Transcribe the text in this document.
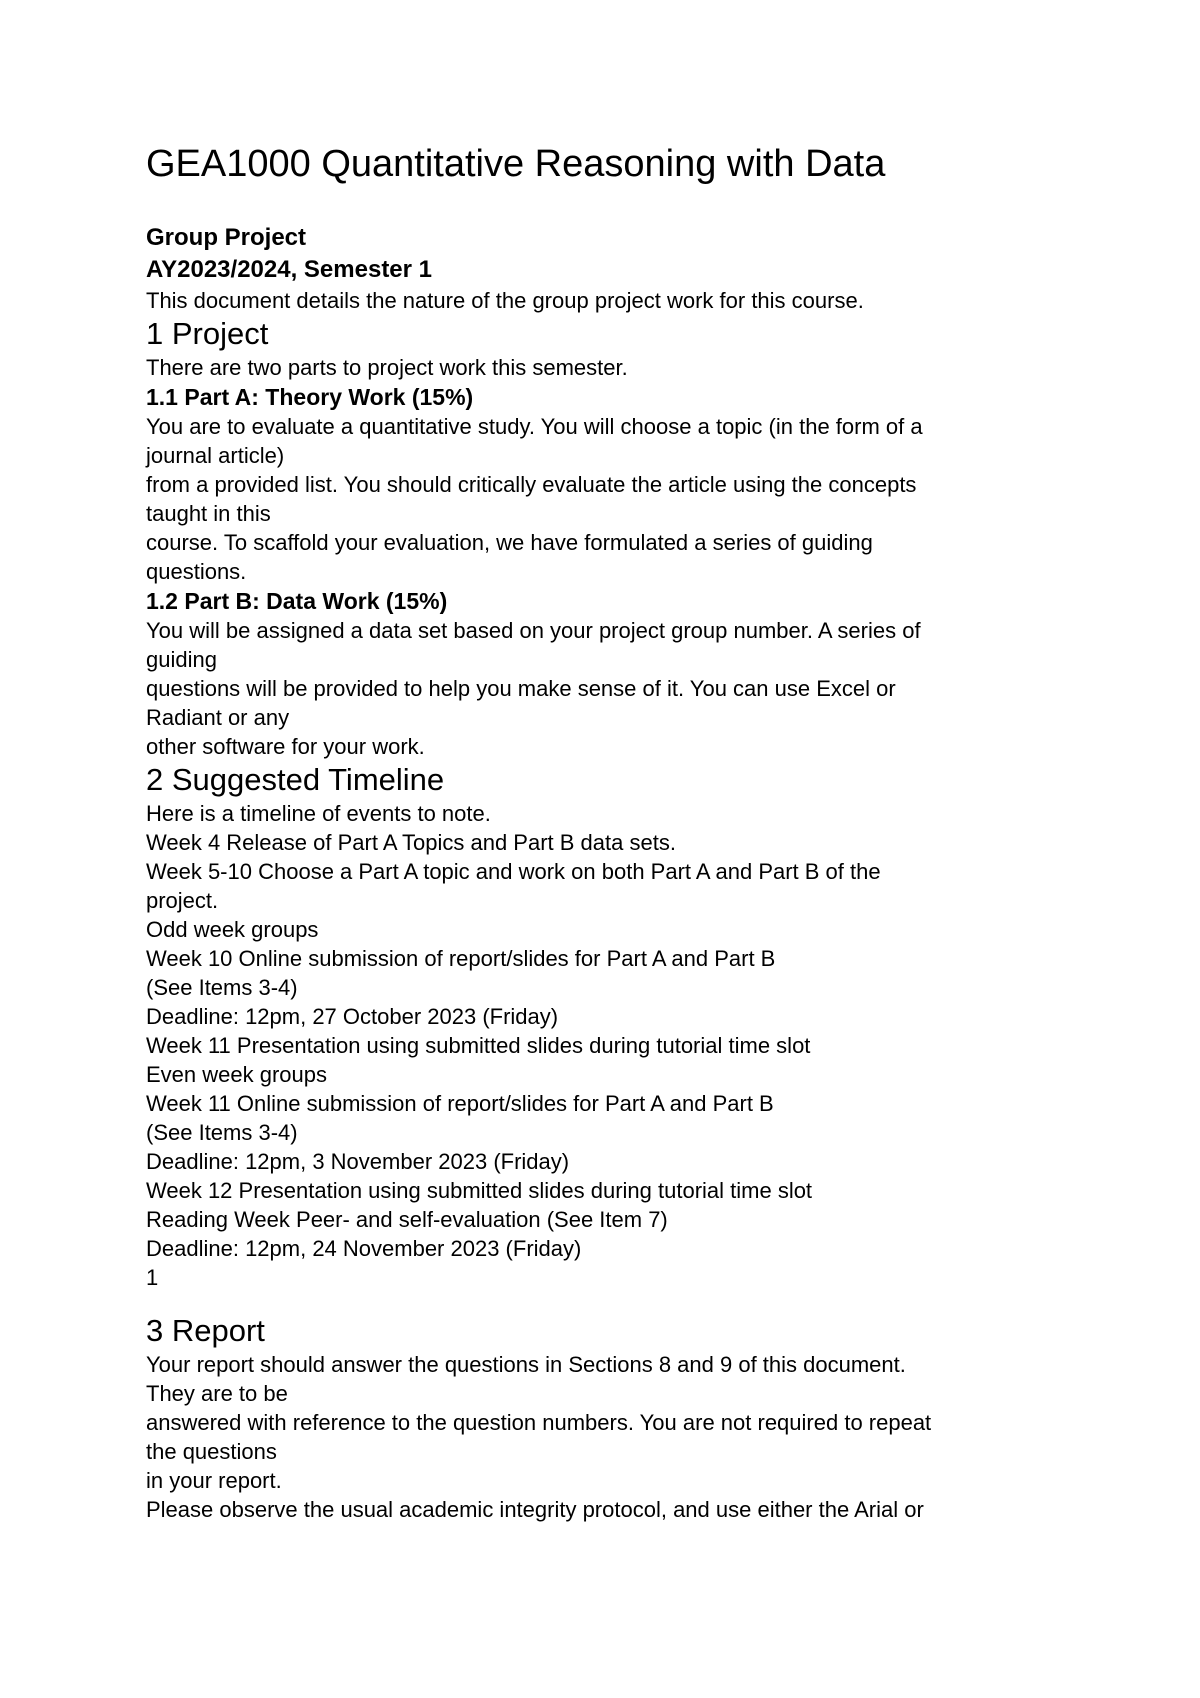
GEA1000 Quantitative Reasoning with Data

Group Project

AY2023/2024, Semester 1

This document details the nature of the group project work for this course.

1 Project

There are two parts to project work this semester.

1.1 Part A: Theory Work (15%)

You are to evaluate a quantitative study. You will choose a topic (in the form of a

journal article)

from a provided list. You should critically evaluate the article using the concepts

taught in this

course. To scaffold your evaluation, we have formulated a series of guiding

questions.

1.2 Part B: Data Work (15%)

You will be assigned a data set based on your project group number. A series of

guiding

questions will be provided to help you make sense of it. You can use Excel or

Radiant or any

other software for your work.

2 Suggested Timeline

Here is a timeline of events to note.

Week 4 Release of Part A Topics and Part B data sets.

Week 5-10 Choose a Part A topic and work on both Part A and Part B of the

project.

Odd week groups

Week 10 Online submission of report/slides for Part A and Part B

(See Items 3-4)

Deadline: 12pm, 27 October 2023 (Friday)

Week 11 Presentation using submitted slides during tutorial time slot

Even week groups

Week 11 Online submission of report/slides for Part A and Part B

(See Items 3-4)

Deadline: 12pm, 3 November 2023 (Friday)

Week 12 Presentation using submitted slides during tutorial time slot

Reading Week Peer- and self-evaluation (See Item 7)

Deadline: 12pm, 24 November 2023 (Friday)

1

3 Report

Your report should answer the questions in Sections 8 and 9 of this document.

They are to be

answered with reference to the question numbers. You are not required to repeat

the questions

in your report.

Please observe the usual academic integrity protocol, and use either the Arial or
